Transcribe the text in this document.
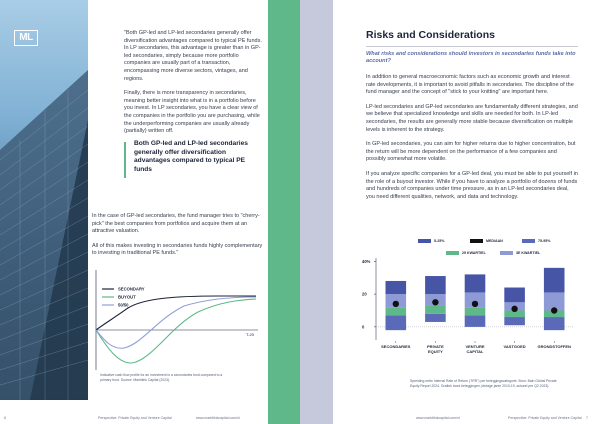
ML	"Both GP-led and LP-led secondaries generally offer diversification advantages compared to typical PE funds. In LP secondaries, this advantage is greater than in GP-led secondaries, simply because more portfolio companies are usually part of a transaction, encompassing more diverse sectors, vintages, and regions.

Finally, there is more transparency in secondaries, meaning better insight into what is in a portfolio before you invest. In LP secondaries, you have a clear view of the companies in the portfolio you are purchasing, while the underperforming companies are usually already (partially) written off.

Both GP-led and LP-led secondaries generally offer diversification advantages compared to typical PE funds

In the case of GP-led secondaries, the fund manager tries to "cherry-pick" the best companies from portfolios and acquire them at an attractive valuation.

All of this makes investing in secondaries funds highly complementary to investing in traditional PE funds."

SECONDARY
BUYOUT
50/50
T-20
Indicative cash flow profile for an investment in a secondaries fund compared to a primary fund. Source: Marktlink Capital (2023).
6	Perspective: Private Equity and Venture Capital	www.marktlinkcapital.com/nl
Risks and Considerations
What risks and considerations should investors in secondaries funds take into account?

In addition to general macroeconomic factors such as economic growth and interest rate developments, it is important to avoid pitfalls in secondaries. The discipline of the fund manager and the concept of "stick to your knitting" are important here.

LP-led secondaries and GP-led secondaries are fundamentally different strategies, and we believe that specialized knowledge and skills are needed for both. In LP-led secondaries, the results are generally more stable because diversification on multiple levels is inherent to the strategy.

In GP-led secondaries, you can aim for higher returns due to higher concentration, but the return will be more dependent on the performance of a few companies and possibly somewhat more volatile.

If you analyze specific companies for a GP-led deal, you must be able to put yourself in the role of a buyout investor. While if you have to analyze a portfolio of dozens of funds and hundreds of companies under time pressure, as in an LP-led secondaries deal, you need different qualities, network, and data and technology.

5-25%	MEDIAAN	75-95%
25 KWARTIEL	3E KWARTIEL
40%
20
0
SECONDARIES	PRIVATE
EQUITY
VENTURE
CAPITAL
VASTGOED	GRONDSTOFFEN
Spreiding netto Internal Rate of Return ("IRR") per beleggingscategorie. Bron: Bain Global Private Equity Report 2024. Grafiek toont beleggingen (vintage jaren 2010-19, actueel per Q2 2023).
www.marktlinkcapital.com/nl	Perspective: Private Equity and Venture Capital 7
